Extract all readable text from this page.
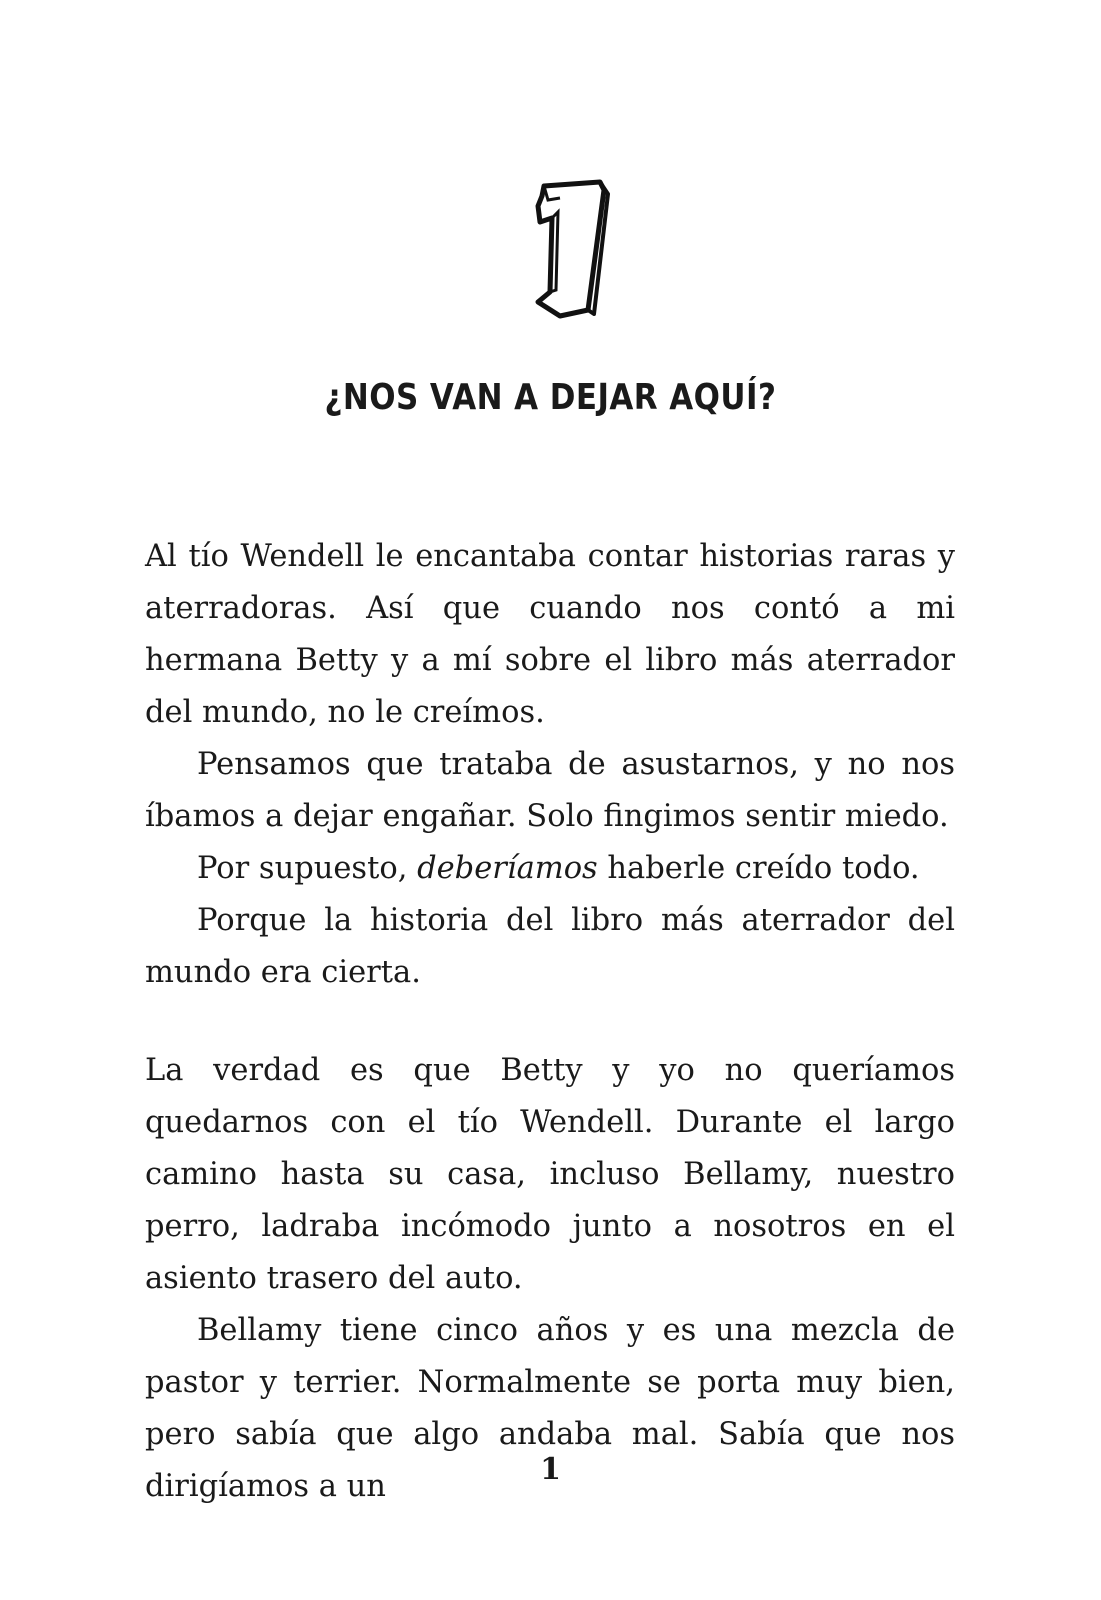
¿NOS VAN A DEJAR AQUÍ?

Al tío Wendell le encantaba contar historias raras y aterradoras. Así que cuando nos contó a mi hermana Betty y a mí sobre el libro más aterrador del mundo, no le creímos.

Pensamos que trataba de asustarnos, y no nos íbamos a dejar engañar. Solo fingimos sentir miedo.

Por supuesto, deberíamos haberle creído todo.

Porque la historia del libro más aterrador del mundo era cierta.

La verdad es que Betty y yo no queríamos quedarnos con el tío Wendell. Durante el largo camino hasta su casa, incluso Bellamy, nuestro perro, ladraba incómodo junto a nosotros en el asiento trasero del auto.

Bellamy tiene cinco años y es una mezcla de pastor y terrier. Normalmente se porta muy bien, pero sabía que algo andaba mal. Sabía que nos dirigíamos a un	1
